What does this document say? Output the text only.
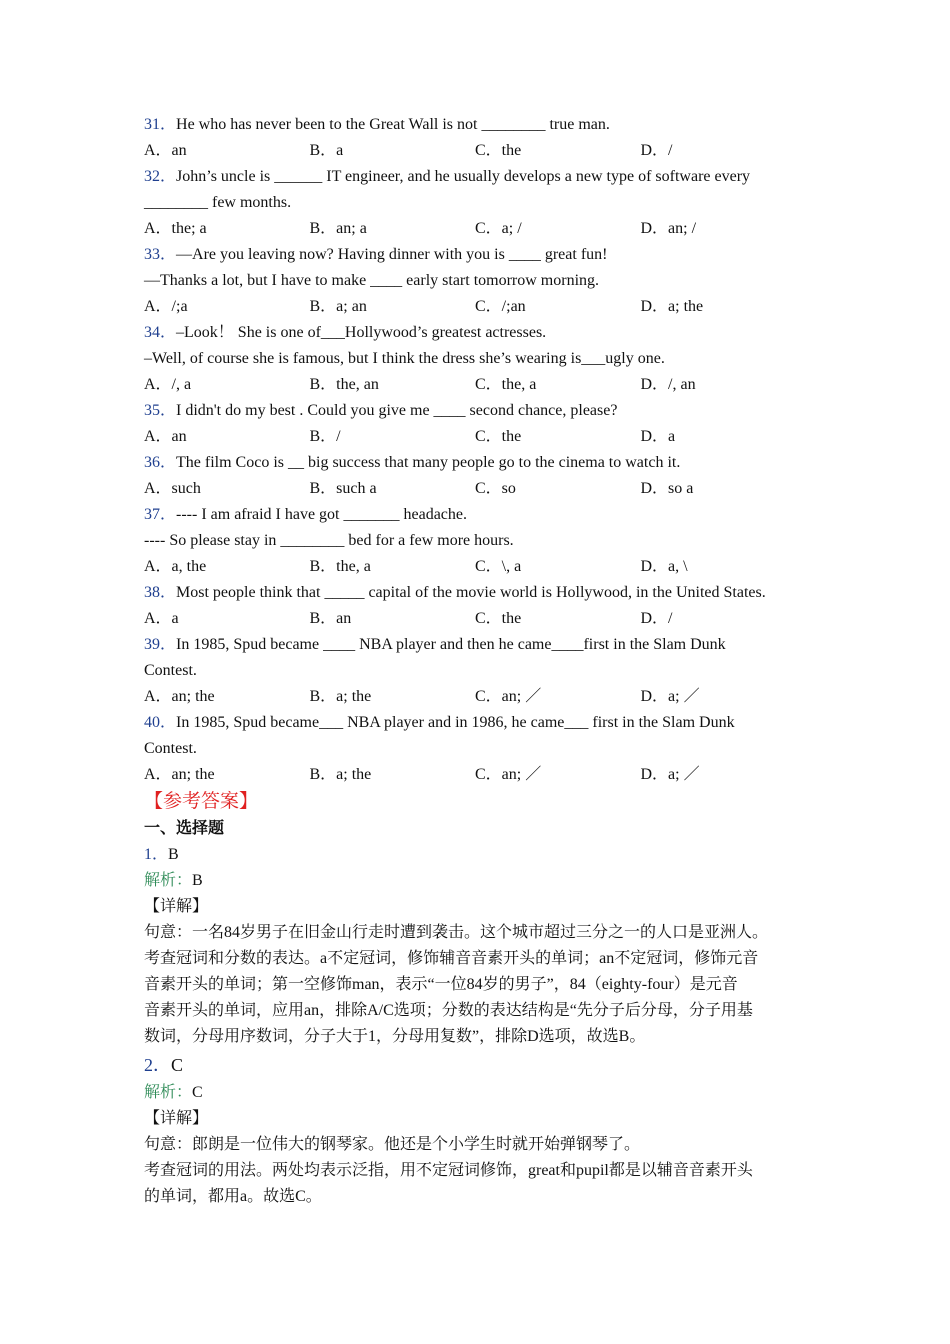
31．He who has never been to the Great Wall is not ________ true man.
A．an	B．a	C．the	D．/
32．John’s uncle is ______ IT engineer, and he usually develops a new type of software every
________ few months.
A．the; a	B．an; a	C．a; /	D．an; /
33．—Are you leaving now? Having dinner with you is ____ great fun!
—Thanks a lot, but I have to make ____ early start tomorrow morning.
A．/;a	B．a; an	C．/;an	D．a; the
34．–Look！ She is one of___Hollywood’s greatest actresses.
–Well, of course she is famous, but I think the dress she’s wearing is___ugly one.
A．/, a	B．the, an	C．the, a	D．/, an
35．I didn't do my best . Could you give me ____ second chance, please?
A．an	B．/	C．the	D．a
36．The film Coco is __ big success that many people go to the cinema to watch it.
A．such	B．such a	C．so	D．so a
37．---- I am afraid I have got _______ headache.
---- So please stay in ________ bed for a few more hours.
A．a, the	B．the, a	C．\, a	D．a, \
38．Most people think that _____ capital of the movie world is Hollywood, in the United States.
A．a	B．an	C．the	D．/
39．In 1985, Spud became ____ NBA player and then he came____first in the Slam Dunk
Contest.
A．an; the	B．a; the	C．an; ／	D．a; ／
40．In 1985, Spud became___ NBA player and in 1986, he came___ first in the Slam Dunk
Contest.
A．an; the	B．a; the	C．an; ／	D．a; ／
【参考答案】
一、选择题
1．B
解析：B
【详解】
句意：一名84岁男子在旧金山行走时遭到袭击。这个城市超过三分之一的人口是亚洲人。
考查冠词和分数的表达。a不定冠词，修饰辅音音素开头的单词；an不定冠词，修饰元音
音素开头的单词；第一空修饰man，表示“一位84岁的男子”，84（eighty-four）是元音
音素开头的单词，应用an，排除A/C选项；分数的表达结构是“先分子后分母，分子用基
数词，分母用序数词，分子大于1，分母用复数”，排除D选项，故选B。
2．C
解析：C
【详解】
句意：郎朗是一位伟大的钢琴家。他还是个小学生时就开始弹钢琴了。
考查冠词的用法。两处均表示泛指，用不定冠词修饰，great和pupil都是以辅音音素开头
的单词，都用a。故选C。
